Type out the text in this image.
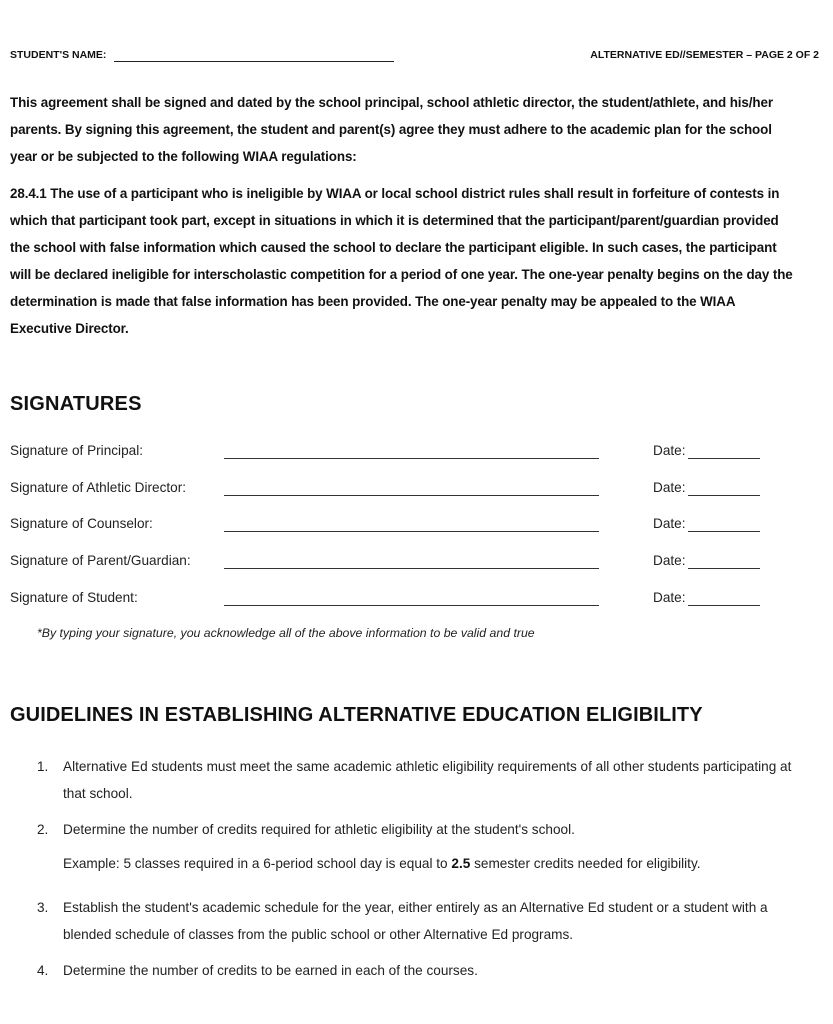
STUDENT'S NAME:	ALTERNATIVE ED//SEMESTER – PAGE 2 OF 2
This agreement shall be signed and dated by the school principal, school athletic director, the student/athlete, and his/her parents. By signing this agreement, the student and parent(s) agree they must adhere to the academic plan for the school year or be subjected to the following WIAA regulations:
28.4.1 The use of a participant who is ineligible by WIAA or local school district rules shall result in forfeiture of contests in which that participant took part, except in situations in which it is determined that the participant/parent/guardian provided the school with false information which caused the school to declare the participant eligible. In such cases, the participant will be declared ineligible for interscholastic competition for a period of one year. The one-year penalty begins on the day the determination is made that false information has been provided. The one-year penalty may be appealed to the WIAA Executive Director.
SIGNATURES
Signature of Principal:	Date:
Signature of Athletic Director:	Date:
Signature of Counselor:	Date:
Signature of Parent/Guardian:	Date:
Signature of Student:	Date:
*By typing your signature, you acknowledge all of the above information to be valid and true
GUIDELINES IN ESTABLISHING ALTERNATIVE EDUCATION ELIGIBILITY
1. Alternative Ed students must meet the same academic athletic eligibility requirements of all other students participating at that school.
2. Determine the number of credits required for athletic eligibility at the student's school.
Example: 5 classes required in a 6-period school day is equal to 2.5 semester credits needed for eligibility.
3. Establish the student's academic schedule for the year, either entirely as an Alternative Ed student or a student with a blended schedule of classes from the public school or other Alternative Ed programs.
4. Determine the number of credits to be earned in each of the courses.
